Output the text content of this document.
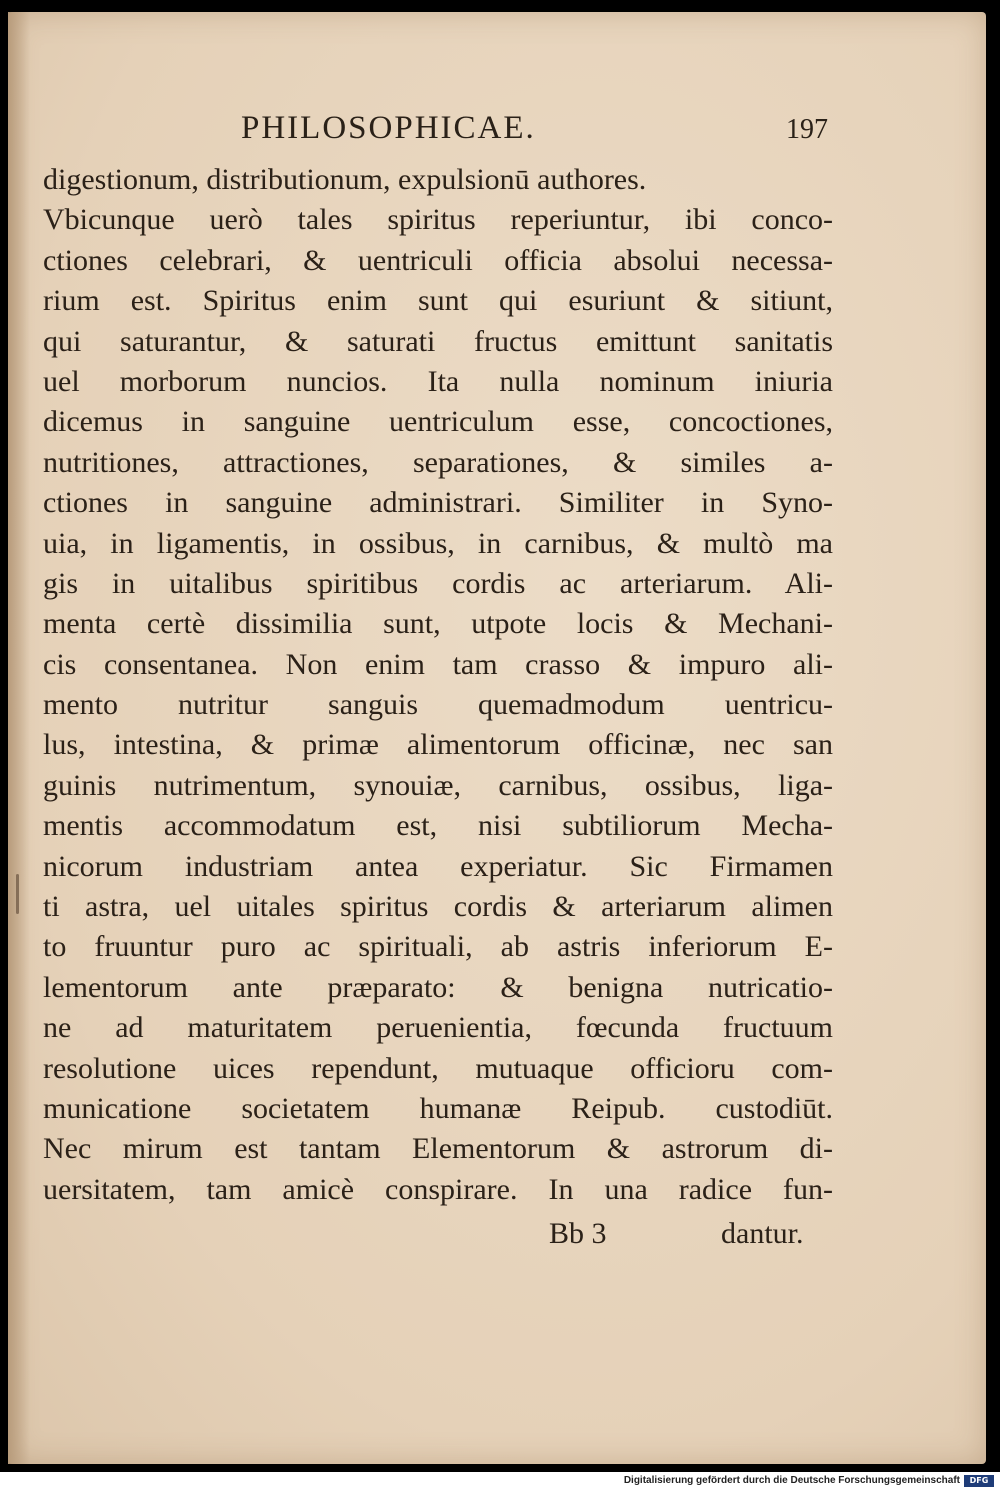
PHILOSOPHICAE.	197
digestionum, distributionum, expulsionū authores.
Vbicunque uerò tales spiritus reperiuntur, ibi conco-
ctiones celebrari, & uentriculi officia absolui necessa-
rium est. Spiritus enim sunt qui esuriunt & sitiunt,
qui saturantur, & saturati fructus emittunt sanitatis
uel morborum nuncios. Ita nulla nominum iniuria
dicemus in sanguine uentriculum esse, concoctiones,
nutritiones, attractiones, separationes, & similes a-
ctiones in sanguine administrari. Similiter in Syno-
uia, in ligamentis, in ossibus, in carnibus, & multò ma
gis in uitalibus spiritibus cordis ac arteriarum. Ali-
menta certè dissimilia sunt, utpote locis & Mechani-
cis consentanea. Non enim tam crasso & impuro ali-
mento nutritur sanguis quemadmodum uentricu-
lus, intestina, & primæ alimentorum officinæ, nec san
guinis nutrimentum, synouiæ, carnibus, ossibus, liga-
mentis accommodatum est, nisi subtiliorum Mecha-
nicorum industriam antea experiatur. Sic Firmamen
ti astra, uel uitales spiritus cordis & arteriarum alimen
to fruuntur puro ac spirituali, ab astris inferiorum E-
lementorum ante præparato: & benigna nutricatio-
ne ad maturitatem peruenientia, fœcunda fructuum
resolutione uices rependunt, mutuaque officioru com-
municatione societatem humanæ Reipub. custodiūt.
Nec mirum est tantam Elementorum & astrorum di-
uersitatem, tam amicè conspirare. In una radice fun-
Bb 3	dantur.
Digitalisierung gefördert durch die Deutsche Forschungsgemeinschaft	DFG
